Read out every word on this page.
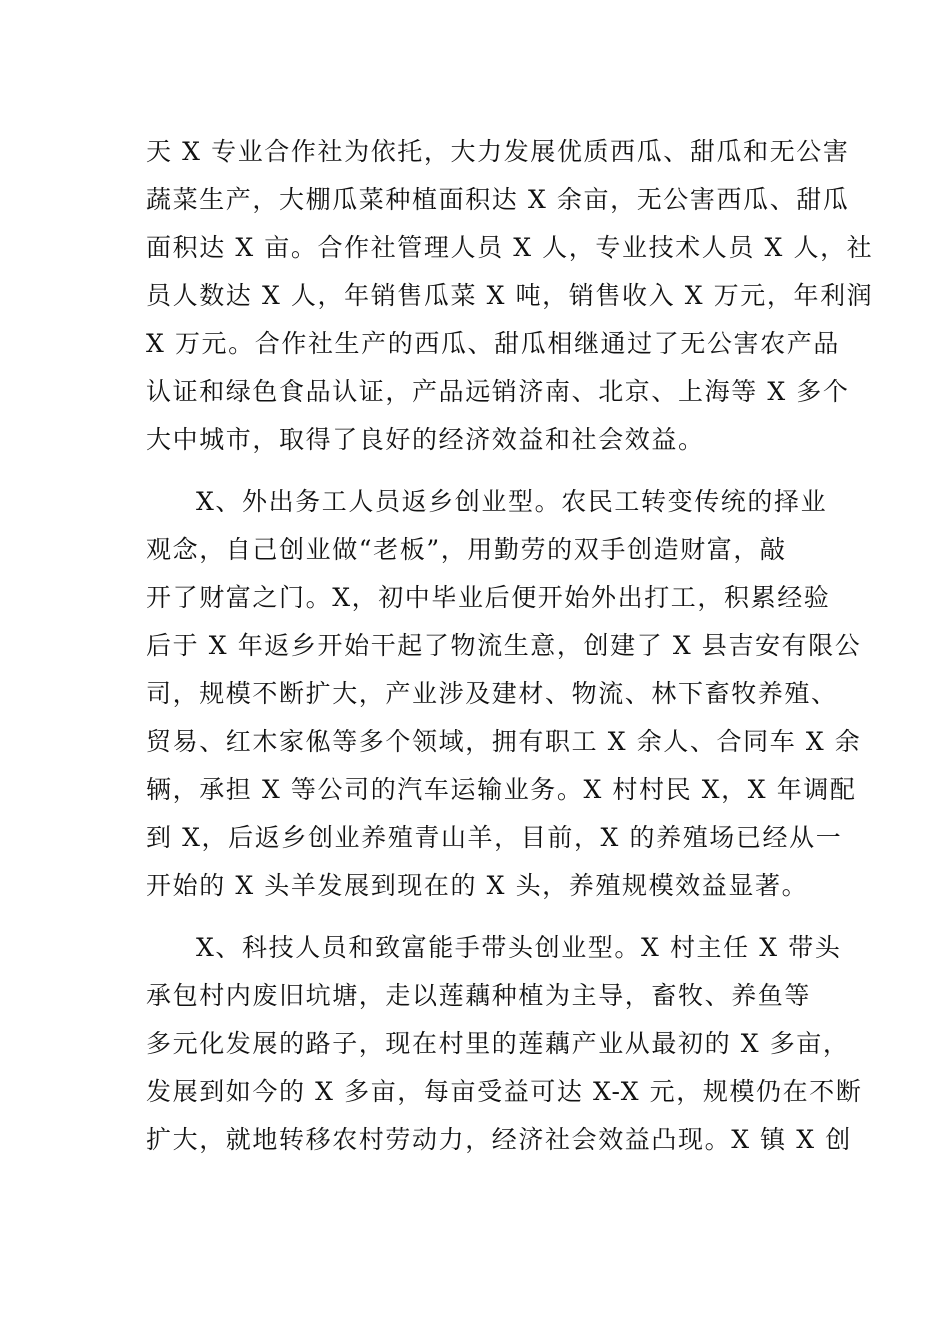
天 X 专业合作社为依托，大力发展优质西瓜、甜瓜和无公害
蔬菜生产，大棚瓜菜种植面积达 X 余亩，无公害西瓜、甜瓜
面积达 X 亩。合作社管理人员 X 人，专业技术人员 X 人，社
员人数达 X 人，年销售瓜菜 X 吨，销售收入 X 万元，年利润
X 万元。合作社生产的西瓜、甜瓜相继通过了无公害农产品
认证和绿色食品认证，产品远销济南、北京、上海等 X 多个
大中城市，取得了良好的经济效益和社会效益。

X、外出务工人员返乡创业型。农民工转变传统的择业
观念，自己创业做“老板”，用勤劳的双手创造财富，敲
开了财富之门。X，初中毕业后便开始外出打工，积累经验
后于 X 年返乡开始干起了物流生意，创建了 X 县吉安有限公
司，规模不断扩大，产业涉及建材、物流、林下畜牧养殖、
贸易、红木家俬等多个领域，拥有职工 X 余人、合同车 X 余
辆，承担 X 等公司的汽车运输业务。X 村村民 X，X 年调配
到 X，后返乡创业养殖青山羊，目前，X 的养殖场已经从一
开始的 X 头羊发展到现在的 X 头，养殖规模效益显著。

X、科技人员和致富能手带头创业型。X 村主任 X 带头
承包村内废旧坑塘，走以莲藕种植为主导，畜牧、养鱼等
多元化发展的路子，现在村里的莲藕产业从最初的 X 多亩，
发展到如今的 X 多亩，每亩受益可达 X-X 元，规模仍在不断
扩大，就地转移农村劳动力，经济社会效益凸现。X 镇 X 创
